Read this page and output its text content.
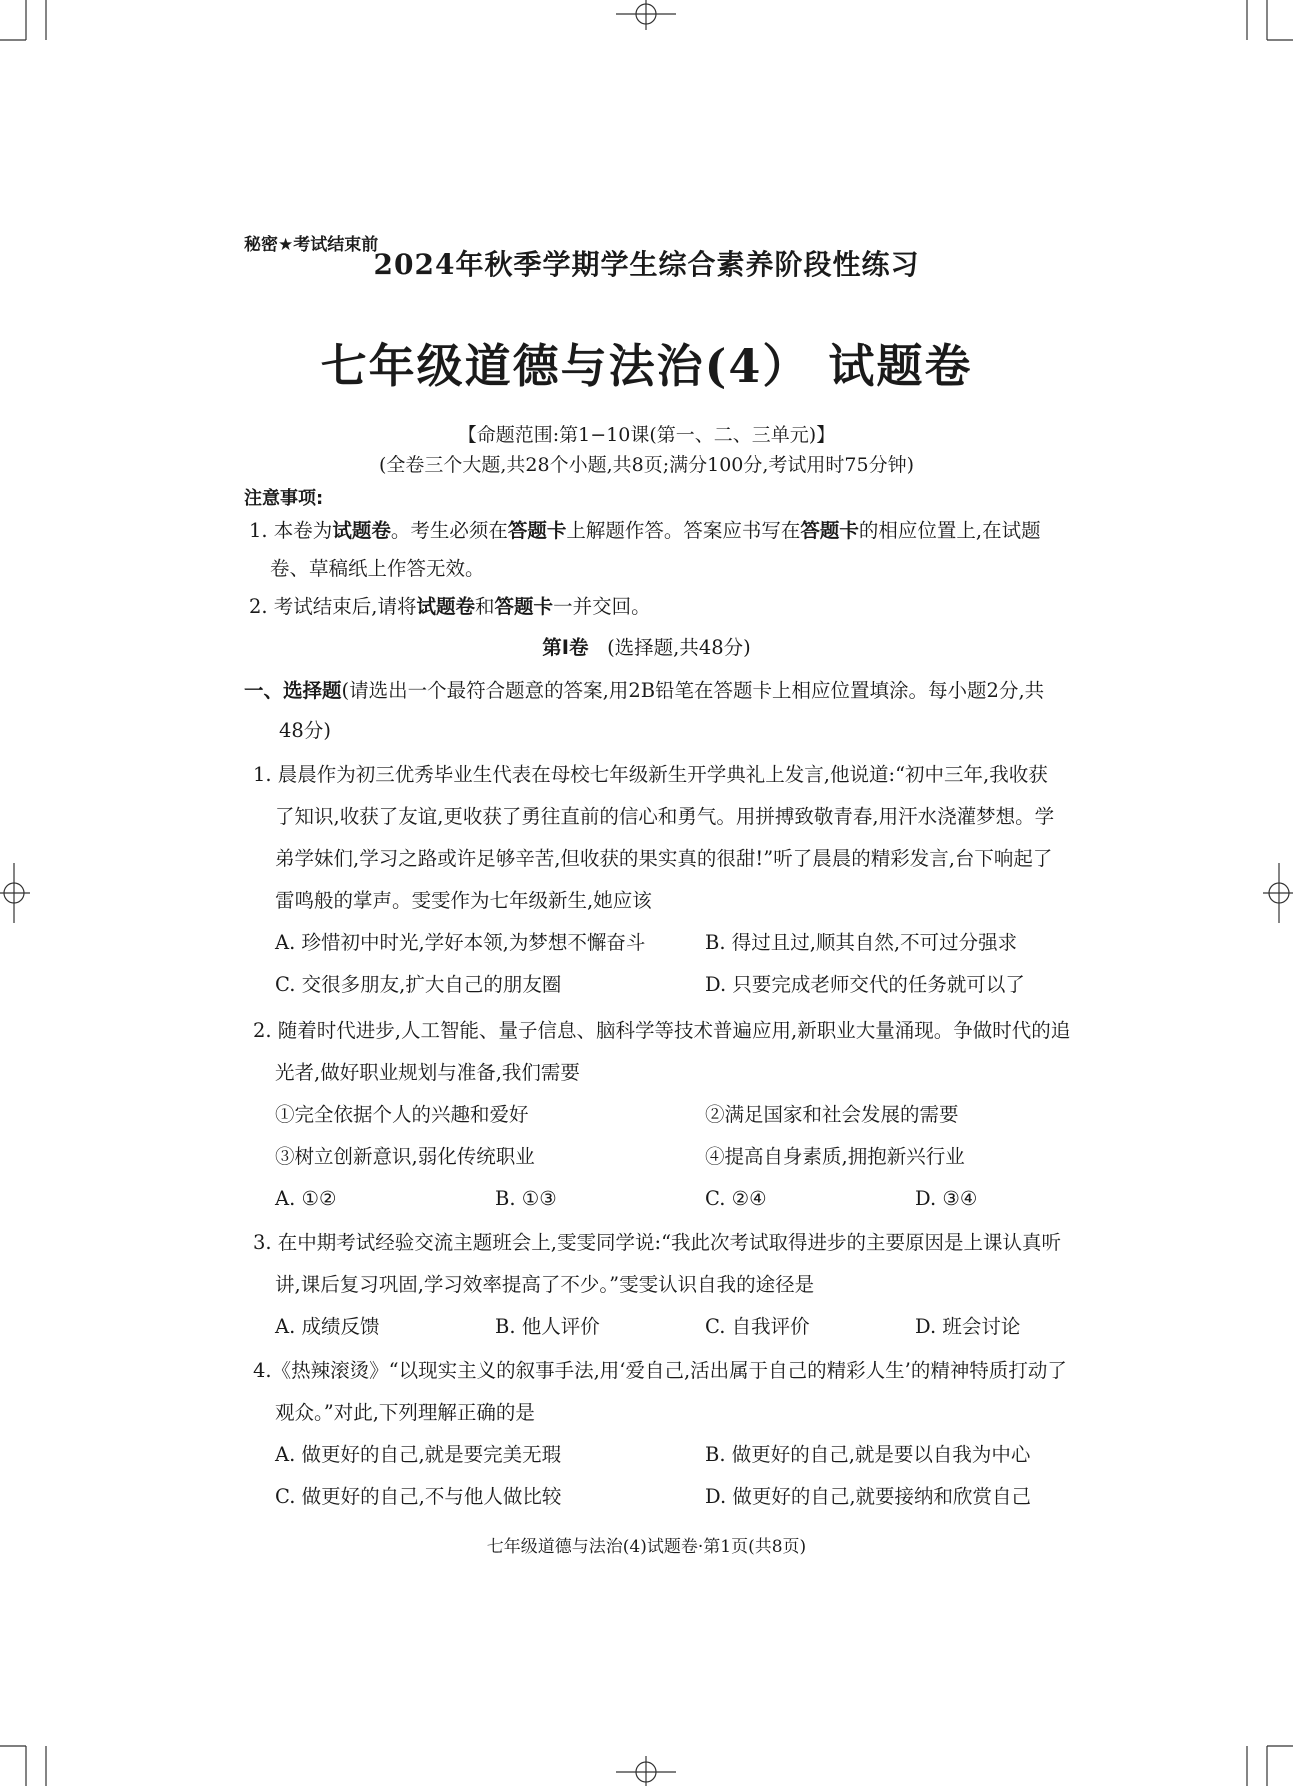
秘密★考试结束前
2024年秋季学期学生综合素养阶段性练习
七年级道德与法治(4） 试题卷
【命题范围:第1−10课(第一、二、三单元)】
(全卷三个大题,共28个小题,共8页;满分100分,考试用时75分钟)
注意事项:
1. 本卷为试题卷。考生必须在答题卡上解题作答。答案应书写在答题卡的相应位置上,在试题
卷、草稿纸上作答无效。
2. 考试结束后,请将试题卷和答题卡一并交回。
第Ⅰ卷 (选择题,共48分)
一、选择题(请选出一个最符合题意的答案,用2B铅笔在答题卡上相应位置填涂。每小题2分,共
48分)
1. 晨晨作为初三优秀毕业生代表在母校七年级新生开学典礼上发言,他说道:“初中三年,我收获
了知识,收获了友谊,更收获了勇往直前的信心和勇气。用拼搏致敬青春,用汗水浇灌梦想。学
弟学妹们,学习之路或许足够辛苦,但收获的果实真的很甜!”听了晨晨的精彩发言,台下响起了
雷鸣般的掌声。雯雯作为七年级新生,她应该
A. 珍惜初中时光,学好本领,为梦想不懈奋斗	B. 得过且过,顺其自然,不可过分强求
C. 交很多朋友,扩大自己的朋友圈	D. 只要完成老师交代的任务就可以了
2. 随着时代进步,人工智能、量子信息、脑科学等技术普遍应用,新职业大量涌现。争做时代的追
光者,做好职业规划与准备,我们需要
①完全依据个人的兴趣和爱好	②满足国家和社会发展的需要
③树立创新意识,弱化传统职业	④提高自身素质,拥抱新兴行业
A. ①②	B. ①③	C. ②④	D. ③④
3. 在中期考试经验交流主题班会上,雯雯同学说:“我此次考试取得进步的主要原因是上课认真听
讲,课后复习巩固,学习效率提高了不少。”雯雯认识自我的途径是
A. 成绩反馈	B. 他人评价	C. 自我评价	D. 班会讨论
4.《热辣滚烫》“以现实主义的叙事手法,用‘爱自己,活出属于自己的精彩人生’的精神特质打动了
观众。”对此,下列理解正确的是
A. 做更好的自己,就是要完美无瑕	B. 做更好的自己,就是要以自我为中心
C. 做更好的自己,不与他人做比较	D. 做更好的自己,就要接纳和欣赏自己
七年级道德与法治(4)试题卷·第1页(共8页)
